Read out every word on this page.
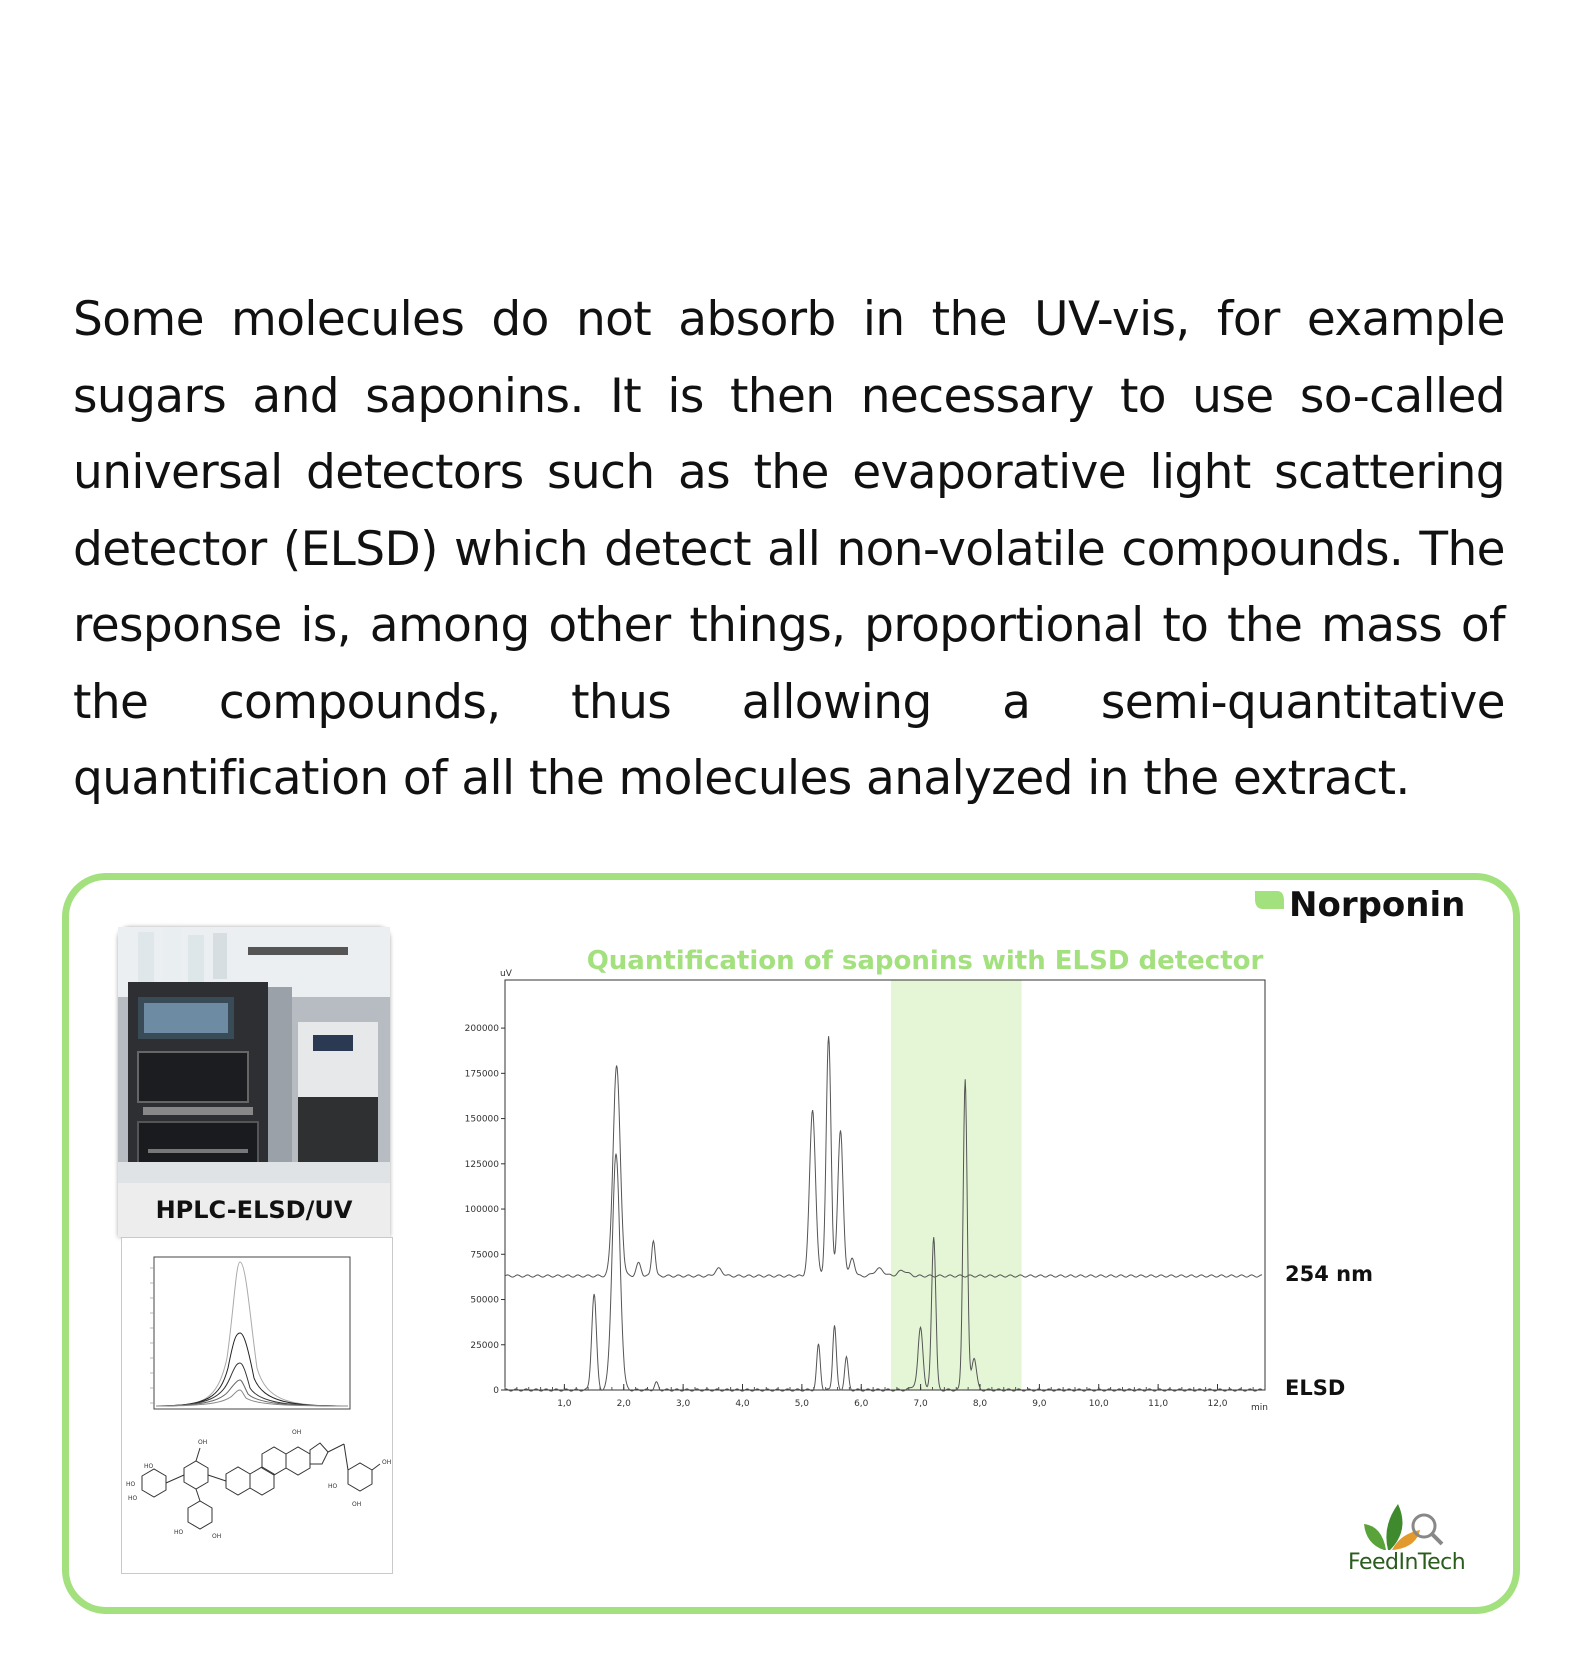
Some molecules do not absorb in the UV-vis, for example sugars and saponins. It is then necessary to use so-called universal detectors such as the evaporative light scattering detector (ELSD) which detect all non-volatile compounds. The response is, among other things, proportional to the mass of the compounds, thus allowing a semi-quantitative quantification of all the molecules analyzed in the extract.

HPLC-ELSD/UV
HO
HO
HO
OH
HO
OH
OH
OH
HO
OH
Quantification of saponins with ELSD detector
Norponin
uV
min
0
25000
50000
75000
100000
125000
150000
175000
200000
1,0	2,0	3,0	4,0	5,0	6,0	7,0	8,0	9,0	10,0	11,0	12,0
254 nm
ELSD
FeedInTech
